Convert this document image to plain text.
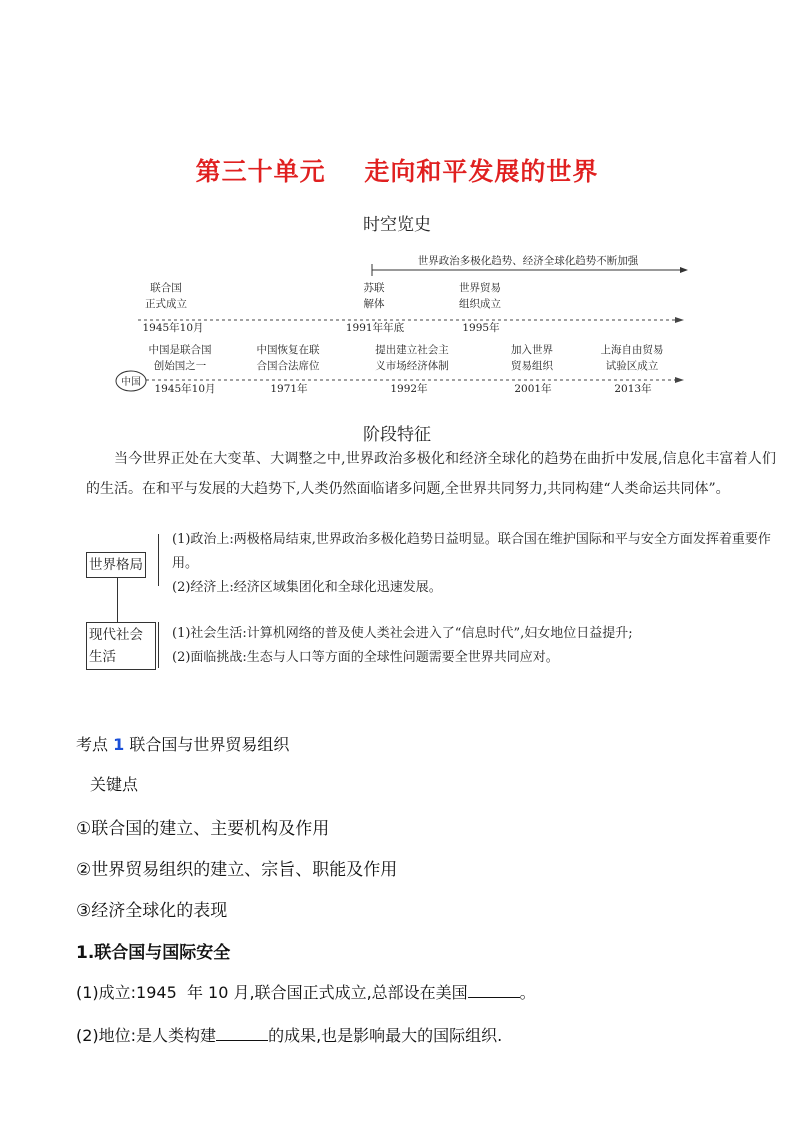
第三十单元    走向和平发展的世界
时空览史
中国
联合国
正式成立
1945年10月
苏联
解体
1991年年底
世界贸易
组织成立
1995年
世界政治多极化趋势、经济全球化趋势不断加强
中国是联合国
创始国之一
1945年10月
中国恢复在联
合国合法席位
1971年
提出建立社会主
义市场经济体制
1992年
加入世界
贸易组织
2001年
上海自由贸易
试验区成立
2013年
阶段特征
当今世界正处在大变革、大调整之中,世界政治多极化和经济全球化的趋势在曲折中发展,信息化丰富着人们的生活。在和平与发展的大趋势下,人类仍然面临诸多问题,全世界共同努力,共同构建“人类命运共同体”。
世界格局
现代社会生活
(1)政治上:两极格局结束,世界政治多极化趋势日益明显。联合国在维护国际和平与安全方面发挥着重要作用。
(2)经济上:经济区域集团化和全球化迅速发展。
(1)社会生活:计算机网络的普及使人类社会进入了“信息时代”,妇女地位日益提升;
(2)面临挑战:生态与人口等方面的全球性问题需要全世界共同应对。
考点 1 联合国与世界贸易组织
关键点
①联合国的建立、主要机构及作用
②世界贸易组织的建立、宗旨、职能及作用
③经济全球化的表现
1.联合国与国际安全
(1)成立:1945  年 10 月,联合国正式成立,总部设在美国	。
(2)地位:是人类构建	的成果,也是影响最大的国际组织.
